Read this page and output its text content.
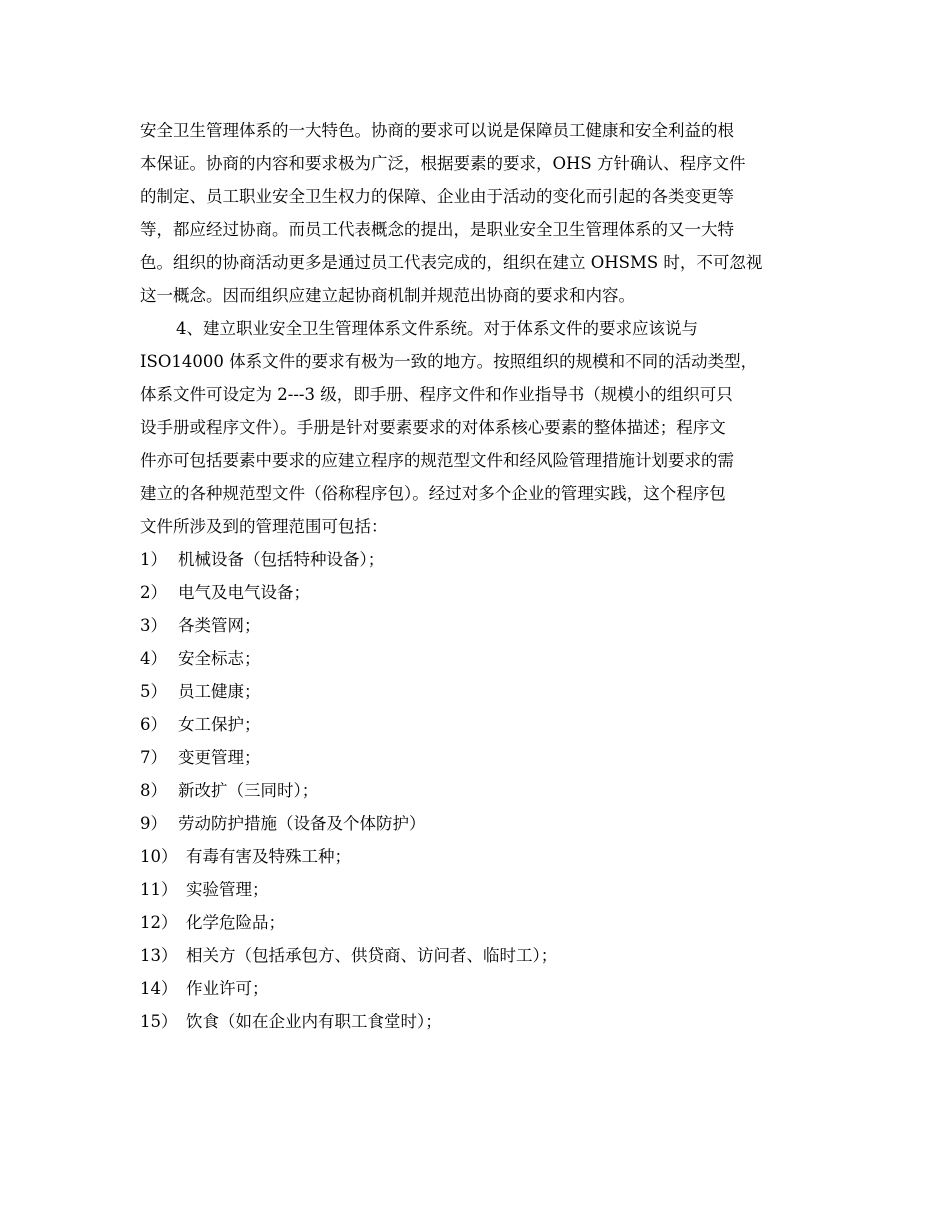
安全卫生管理体系的一大特色。协商的要求可以说是保障员工健康和安全利益的根
本保证。协商的内容和要求极为广泛，根据要素的要求，OHS 方针确认、程序文件
的制定、员工职业安全卫生权力的保障、企业由于活动的变化而引起的各类变更等
等，都应经过协商。而员工代表概念的提出，是职业安全卫生管理体系的又一大特
色。组织的协商活动更多是通过员工代表完成的，组织在建立 OHSMS 时，不可忽视
这一概念。因而组织应建立起协商机制并规范出协商的要求和内容。
4、建立职业安全卫生管理体系文件系统。对于体系文件的要求应该说与
ISO14000 体系文件的要求有极为一致的地方。按照组织的规模和不同的活动类型，
体系文件可设定为 2---3 级，即手册、程序文件和作业指导书（规模小的组织可只
设手册或程序文件）。手册是针对要素要求的对体系核心要素的整体描述；程序文
件亦可包括要素中要求的应建立程序的规范型文件和经风险管理措施计划要求的需
建立的各种规范型文件（俗称程序包）。经过对多个企业的管理实践，这个程序包
文件所涉及到的管理范围可包括：
1） 机械设备（包括特种设备）；
2） 电气及电气设备；
3） 各类管网；
4） 安全标志；
5） 员工健康；
6） 女工保护；
7） 变更管理；
8） 新改扩（三同时）；
9） 劳动防护措施（设备及个体防护）
10） 有毒有害及特殊工种；
11） 实验管理；
12） 化学危险品；
13） 相关方（包括承包方、供贷商、访问者、临时工）；
14） 作业许可；
15） 饮食（如在企业内有职工食堂时）；
